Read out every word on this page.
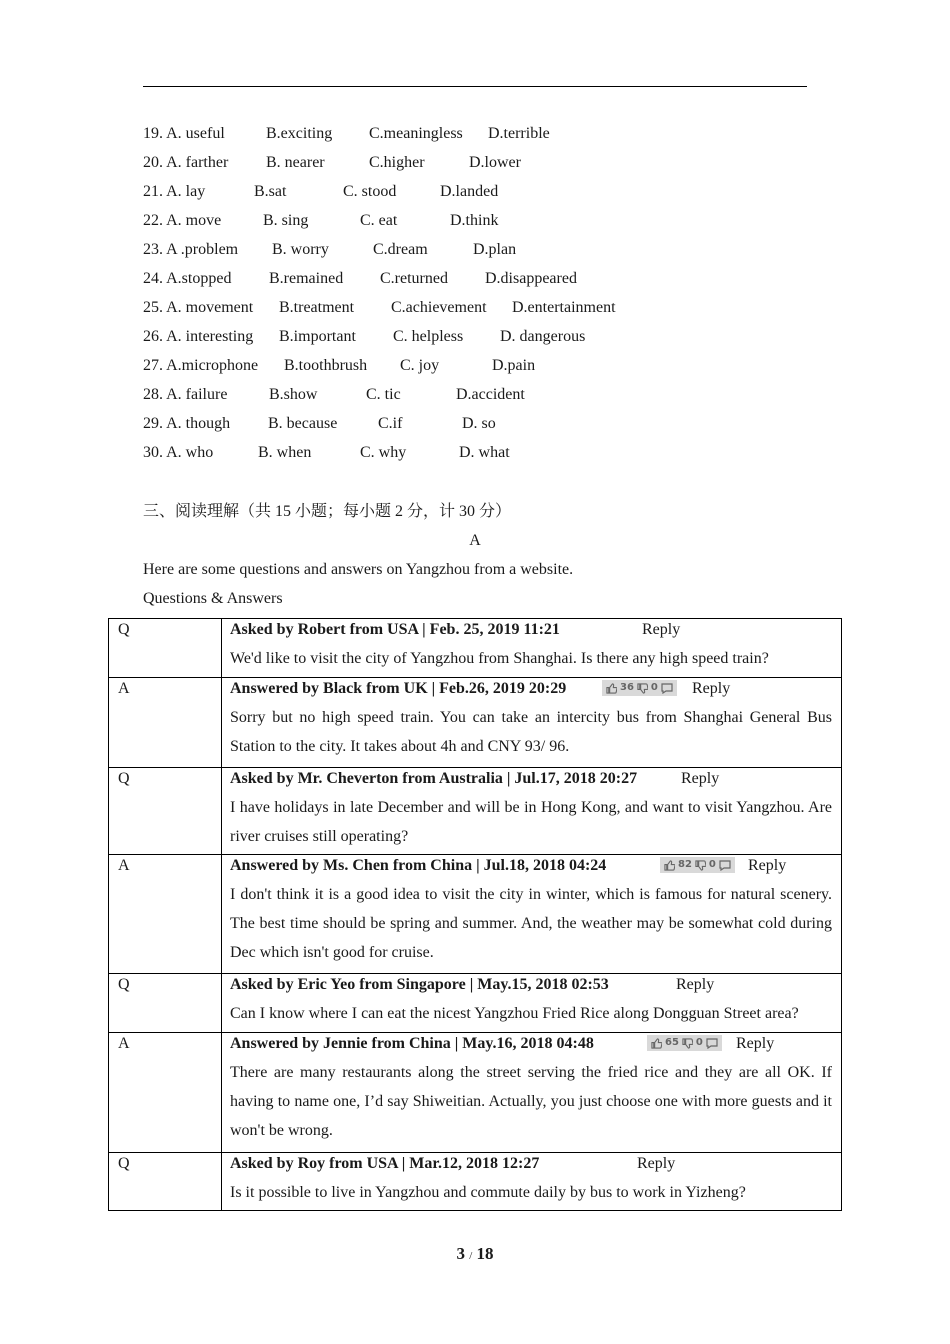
19. A. useful	B.exciting C.meaningless D.terrible
20. A. farther B. nearer	C.higher	D.lower
21. A. lay	B.sat	C. stood	D.landed
22. A. move	B. sing	C. eat	D.think
23. A .problem B. worry	C.dream	D.plan
24. A.stopped B.remained C.returned D.disappeared
25. A. movement B.treatment C.achievement D.entertainment
26. A. interesting B.important C. helpless D. dangerous
27. A.microphone B.toothbrush C. joy	D.pain
28. A. failure	B.show	C. tic	D.accident
29. A. though B. because	C.if	D. so
30. A. who	B. when	C. why	D. what
三、阅读理解（共 15 小题；每小题 2 分，计 30 分）
A
Here are some questions and answers on Yangzhou from a website.
Questions & Answers
Q	Asked by Robert from USA | Feb. 25, 2019 11:21 Reply
We'd like to visit the city of Yangzhou from Shanghai. Is there any high speed train?

A	Answered by Black from UK | Feb.26, 2019 20:29 36 0 Reply
Sorry but no high speed train. You can take an intercity bus from Shanghai General Bus Station to the city. It takes about 4h and CNY 93/ 96.

Q	Asked by Mr. Cheverton from Australia | Jul.17, 2018 20:27 Reply
I have holidays in late December and will be in Hong Kong, and want to visit Yangzhou. Are river cruises still operating?

A	Answered by Ms. Chen from China | Jul.18, 2018 04:24 82 0 Reply
I don't think it is a good idea to visit the city in winter, which is famous for natural scenery. The best time should be spring and summer. And, the weather may be somewhat cold during Dec which isn't good for cruise.

Q	Asked by Eric Yeo from Singapore | May.15, 2018 02:53 Reply
Can I know where I can eat the nicest Yangzhou Fried Rice along Dongguan Street area?

A	Answered by Jennie from China | May.16, 2018 04:48 65 0 Reply
There are many restaurants along the street serving the fried rice and they are all OK. If having to name one, I’d say Shiweitian. Actually, you just choose one with more guests and it won't be wrong.

Q	Asked by Roy from USA | Mar.12, 2018 12:27 Reply
Is it possible to live in Yangzhou and commute daily by bus to work in Yizheng?
3 / 18
